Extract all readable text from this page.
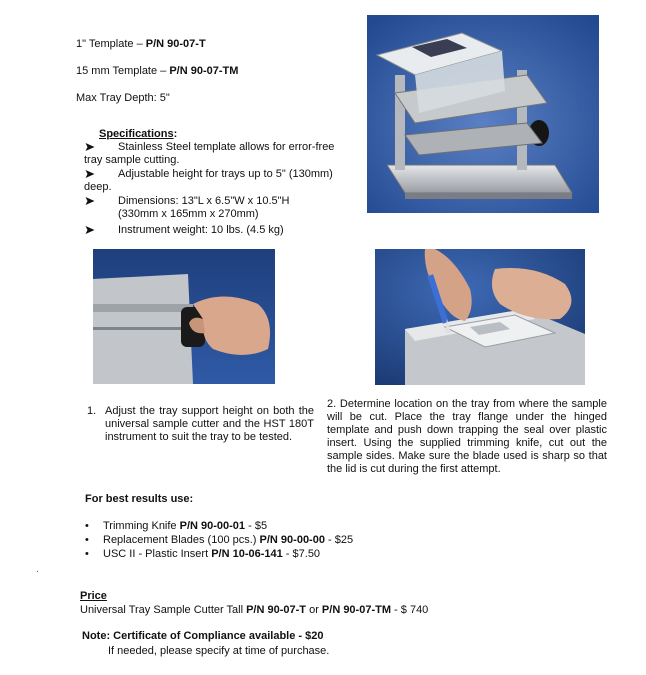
1" Template – P/N 90-07-T
15 mm Template – P/N 90-07-TM
Max Tray Depth: 5"
Specifications:
Stainless Steel template allows for error-free
tray sample cutting.
Adjustable height for trays up to 5" (130mm)
deep.
Dimensions: 13"L x 6.5"W x 10.5"H
(330mm x 165mm x 270mm)
Instrument weight: 10 lbs. (4.5 kg)
1. Adjust the tray support height on both the universal sample cutter and the HST 180T instrument to suit the tray to be tested.
2. Determine location on the tray from where the sample will be cut. Place the tray flange under the hinged template and push down trapping the seal over plastic insert. Using the supplied trimming knife, cut out the sample sides. Make sure the blade used is sharp so that the lid is cut during the first attempt.
For best results use:
• Trimming Knife P/N 90-00-01 - $5
• Replacement Blades (100 pcs.) P/N 90-00-00 - $25
• USC II - Plastic Insert P/N 10-06-141 - $7.50
.
Price
Universal Tray Sample Cutter Tall P/N 90-07-T or P/N 90-07-TM - $ 740
Note: Certificate of Compliance available - $20
If needed, please specify at time of purchase.
